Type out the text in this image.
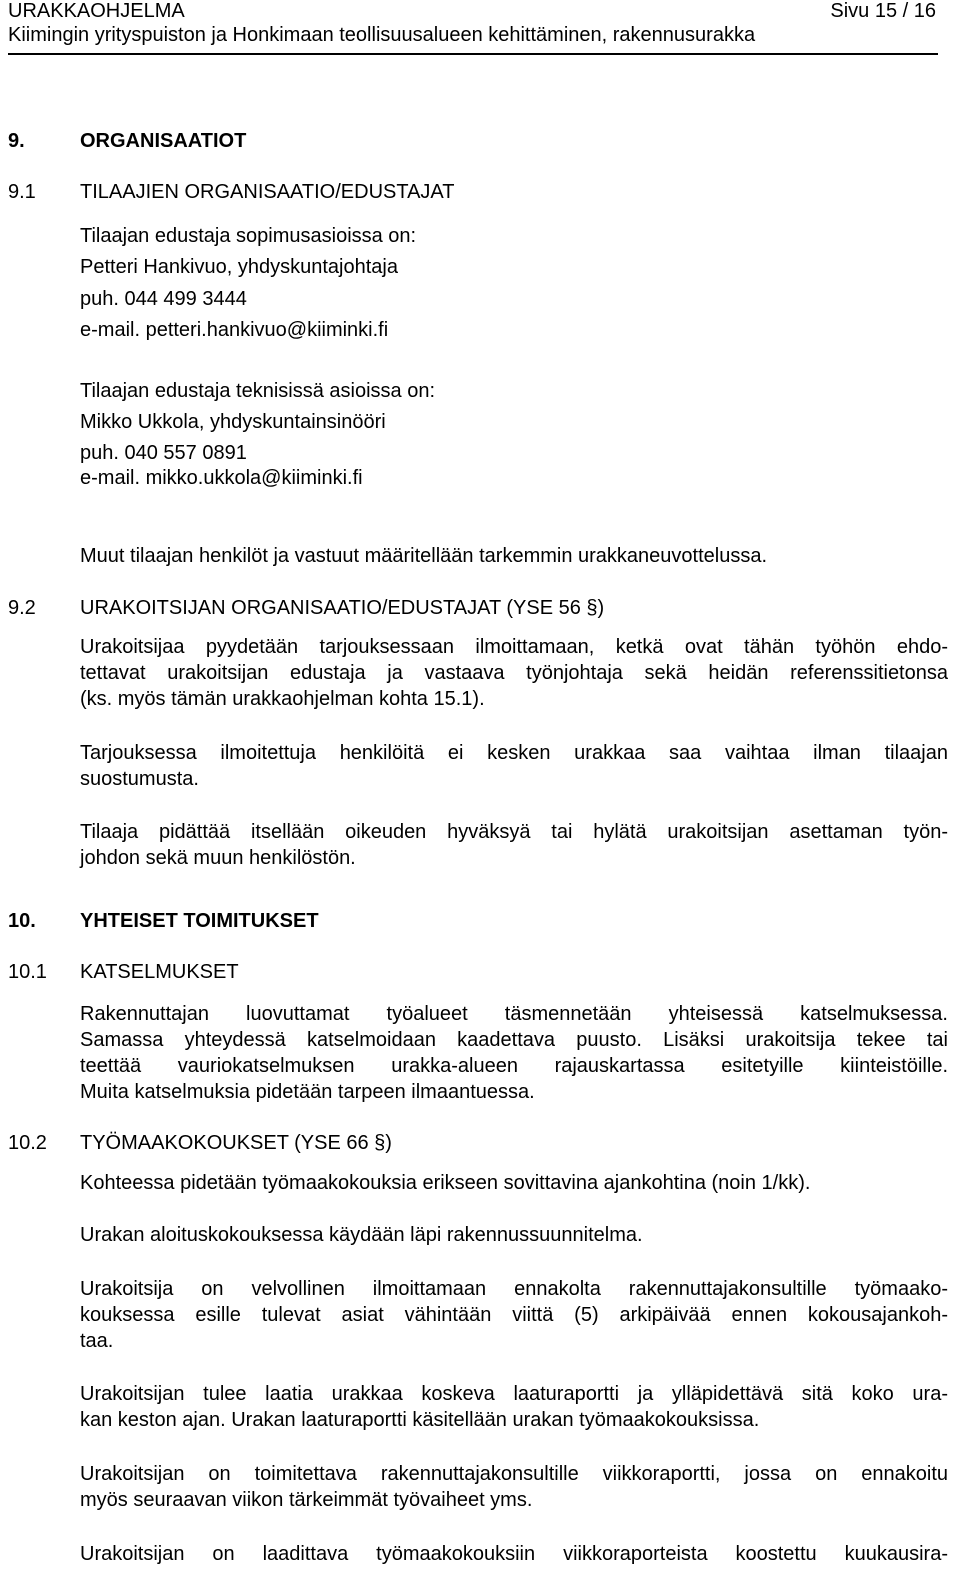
URAKKAOHJELMA	Sivu 15 / 16
Kiimingin yrityspuiston ja Honkimaan teollisuusalueen kehittäminen, rakennusurakka
9.	ORGANISAATIOT
9.1 TILAAJIEN ORGANISAATIO/EDUSTAJAT
Tilaajan edustaja sopimusasioissa on:
Petteri Hankivuo, yhdyskuntajohtaja
puh. 044 499 3444
e-mail. petteri.hankivuo@kiiminki.fi
Tilaajan edustaja teknisissä asioissa on:
Mikko Ukkola, yhdyskuntainsinööri
puh. 040 557 0891
e-mail. mikko.ukkola@kiiminki.fi
Muut tilaajan henkilöt ja vastuut määritellään tarkemmin urakkaneuvottelussa.
9.2 URAKOITSIJAN ORGANISAATIO/EDUSTAJAT (YSE 56 §)
Urakoitsijaa pyydetään tarjouksessaan ilmoittamaan, ketkä ovat tähän työhön ehdo-
tettavat urakoitsijan edustaja ja vastaava työnjohtaja sekä heidän referenssitietonsa
(ks. myös tämän urakkaohjelman kohta 15.1).
Tarjouksessa ilmoitettuja henkilöitä ei kesken urakkaa saa vaihtaa ilman tilaajan
suostumusta.
Tilaaja pidättää itsellään oikeuden hyväksyä tai hylätä urakoitsijan asettaman työn-
johdon sekä muun henkilöstön.
10. YHTEISET TOIMITUKSET
10.1 KATSELMUKSET
Rakennuttajan luovuttamat työalueet täsmennetään yhteisessä katselmuksessa.
Samassa yhteydessä katselmoidaan kaadettava puusto. Lisäksi urakoitsija tekee tai
teettää vauriokatselmuksen urakka-alueen rajauskartassa esitetyille kiinteistöille.
Muita katselmuksia pidetään tarpeen ilmaantuessa.
10.2 TYÖMAAKOKOUKSET (YSE 66 §)
Kohteessa pidetään työmaakokouksia erikseen sovittavina ajankohtina (noin 1/kk).
Urakan aloituskokouksessa käydään läpi rakennussuunnitelma.
Urakoitsija on velvollinen ilmoittamaan ennakolta rakennuttajakonsultille työmaako-
kouksessa esille tulevat asiat vähintään viittä (5) arkipäivää ennen kokousajankoh-
taa.
Urakoitsijan tulee laatia urakkaa koskeva laaturaportti ja ylläpidettävä sitä koko ura-
kan keston ajan. Urakan laaturaportti käsitellään urakan työmaakokouksissa.
Urakoitsijan on toimitettava rakennuttajakonsultille viikkoraportti, jossa on ennakoitu
myös seuraavan viikon tärkeimmät työvaiheet yms.
Urakoitsijan on laadittava työmaakokouksiin viikkoraporteista koostettu kuukausira-
